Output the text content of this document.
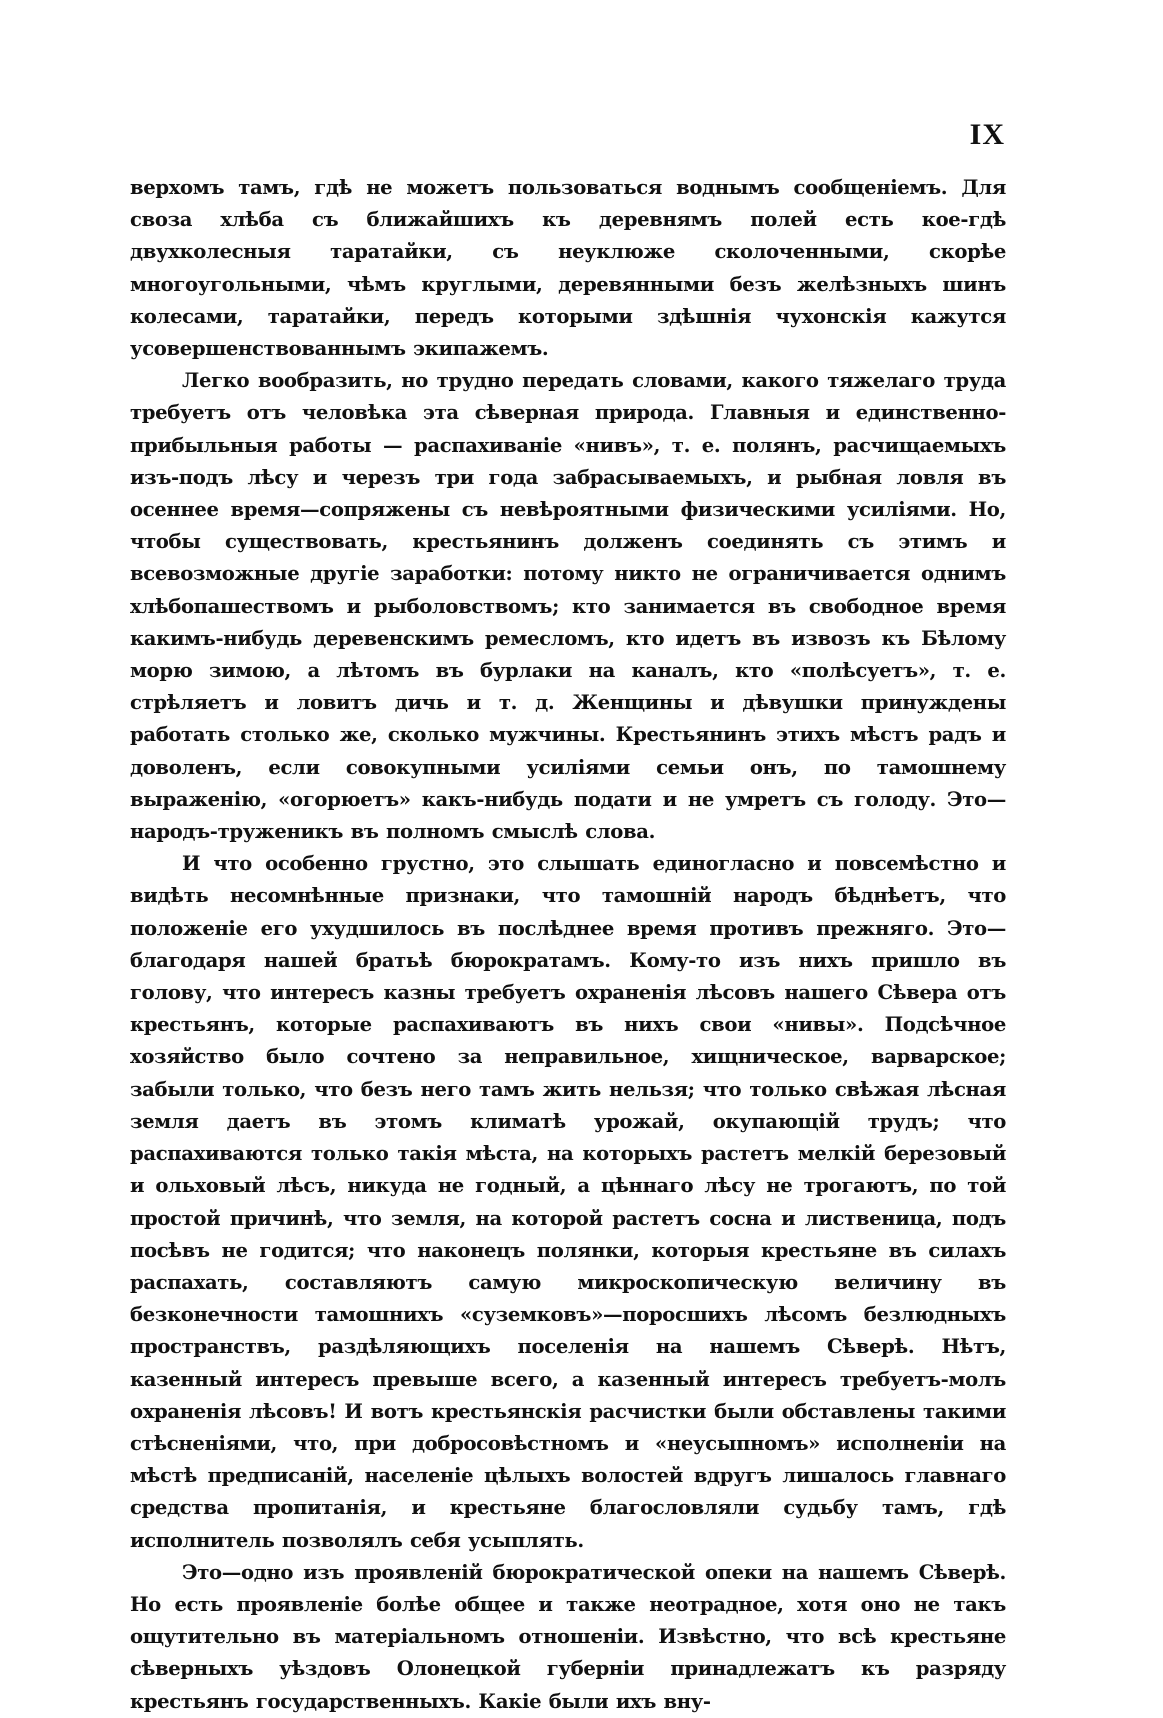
IX

верхомъ тамъ, гдѣ не можетъ пользоваться воднымъ сообщеніемъ. Для своза хлѣба съ ближайшихъ къ деревнямъ полей есть кое-гдѣ двухколесныя таратайки, съ неуклюже сколоченными, скорѣе многоугольными, чѣмъ круглыми, деревянными безъ желѣзныхъ шинъ колесами, таратайки, передъ которыми здѣшнія чухонскія кажутся усовершенствованнымъ экипажемъ.

Легко вообразить, но трудно передать словами, какого тяжелаго труда требуетъ отъ человѣка эта сѣверная природа. Главныя и единственно-прибыльныя работы — распахиваніе «нивъ», т. е. полянъ, расчищаемыхъ изъ-подъ лѣсу и черезъ три года забрасываемыхъ, и рыбная ловля въ осеннее время—сопряжены съ невѣроятными физическими усиліями. Но, чтобы существовать, крестьянинъ долженъ соединять съ этимъ и всевозможные другіе заработки: потому никто не ограничивается однимъ хлѣбопашествомъ и рыболовствомъ; кто занимается въ свободное время какимъ-нибудь деревенскимъ ремесломъ, кто идетъ въ извозъ къ Бѣлому морю зимою, а лѣтомъ въ бурлаки на каналъ, кто «полѣсуетъ», т. е. стрѣляетъ и ловитъ дичь и т. д. Женщины и дѣвушки принуждены работать столько же, сколько мужчины. Крестьянинъ этихъ мѣстъ радъ и доволенъ, если совокупными усиліями семьи онъ, по тамошнему выраженію, «огорюетъ» какъ-нибудь подати и не умретъ съ голоду. Это—народъ-труженикъ въ полномъ смыслѣ слова.

И что особенно грустно, это слышать единогласно и повсемѣстно и видѣть несомнѣнные признаки, что тамошній народъ бѣднѣетъ, что положеніе его ухудшилось въ послѣднее время противъ прежняго. Это—благодаря нашей братьѣ бюрократамъ. Кому-то изъ нихъ пришло въ голову, что интересъ казны требуетъ охраненія лѣсовъ нашего Сѣвера отъ крестьянъ, которые распахиваютъ въ нихъ свои «нивы». Подсѣчное хозяйство было сочтено за неправильное, хищническое, варварское; забыли только, что безъ него тамъ жить нельзя; что только свѣжая лѣсная земля даетъ въ этомъ климатѣ урожай, окупающій трудъ; что распахиваются только такія мѣста, на которыхъ растетъ мелкій березовый и ольховый лѣсъ, никуда не годный, а цѣннаго лѣсу не трогаютъ, по той простой причинѣ, что земля, на которой растетъ сосна и лиственица, подъ посѣвъ не годится; что наконецъ полянки, которыя крестьяне въ силахъ распахать, составляютъ самую микроскопическую величину въ безконечности тамошнихъ «суземковъ»—поросшихъ лѣсомъ безлюдныхъ пространствъ, раздѣляющихъ поселенія на нашемъ Сѣверѣ. Нѣтъ, казенный интересъ превыше всего, а казенный интересъ требуетъ-молъ охраненія лѣсовъ! И вотъ крестьянскія расчистки были обставлены такими стѣсненіями, что, при добросовѣстномъ и «неусыпномъ» исполненіи на мѣстѣ предписаній, населеніе цѣлыхъ волостей вдругъ лишалось главнаго средства пропитанія, и крестьяне благословляли судьбу тамъ, гдѣ исполнитель позволялъ себя усыплять.

Это—одно изъ проявленій бюрократической опеки на нашемъ Сѣверѣ. Но есть проявленіе болѣе общее и также неотрадное, хотя оно не такъ ощутительно въ матеріальномъ отношеніи. Извѣстно, что всѣ крестьяне сѣверныхъ уѣздовъ Олонецкой губерніи принадлежатъ къ разряду крестьянъ государственныхъ. Какіе были ихъ вну-
